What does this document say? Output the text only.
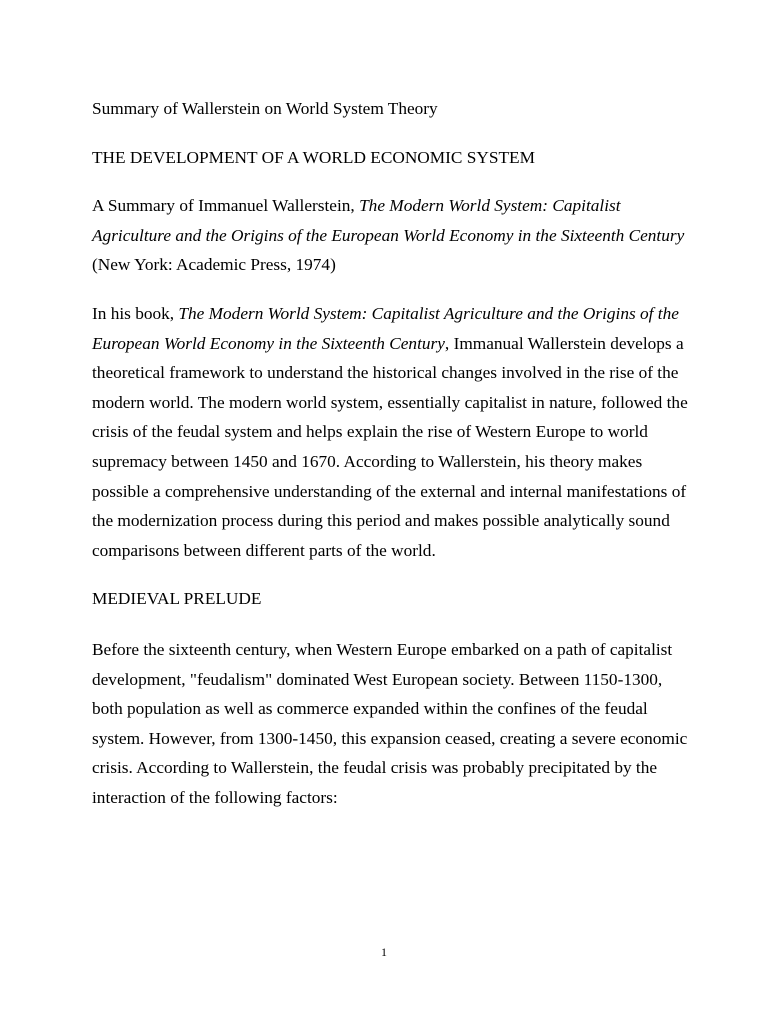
Summary of Wallerstein on World System Theory
THE DEVELOPMENT OF A WORLD ECONOMIC SYSTEM

A Summary of Immanuel Wallerstein, The Modern World System: Capitalist Agriculture and the Origins of the European World Economy in the Sixteenth Century (New York: Academic Press, 1974)

In his book, The Modern World System: Capitalist Agriculture and the Origins of the European World Economy in the Sixteenth Century, Immanual Wallerstein develops a theoretical framework to understand the historical changes involved in the rise of the modern world. The modern world system, essentially capitalist in nature, followed the crisis of the feudal system and helps explain the rise of Western Europe to world supremacy between 1450 and 1670. According to Wallerstein, his theory makes possible a comprehensive understanding of the external and internal manifestations of the modernization process during this period and makes possible analytically sound comparisons between different parts of the world.

MEDIEVAL PRELUDE

Before the sixteenth century, when Western Europe embarked on a path of capitalist development, "feudalism" dominated West European society. Between 1150-1300, both population as well as commerce expanded within the confines of the feudal system. However, from 1300-1450, this expansion ceased, creating a severe economic crisis. According to Wallerstein, the feudal crisis was probably precipitated by the interaction of the following factors:

1
